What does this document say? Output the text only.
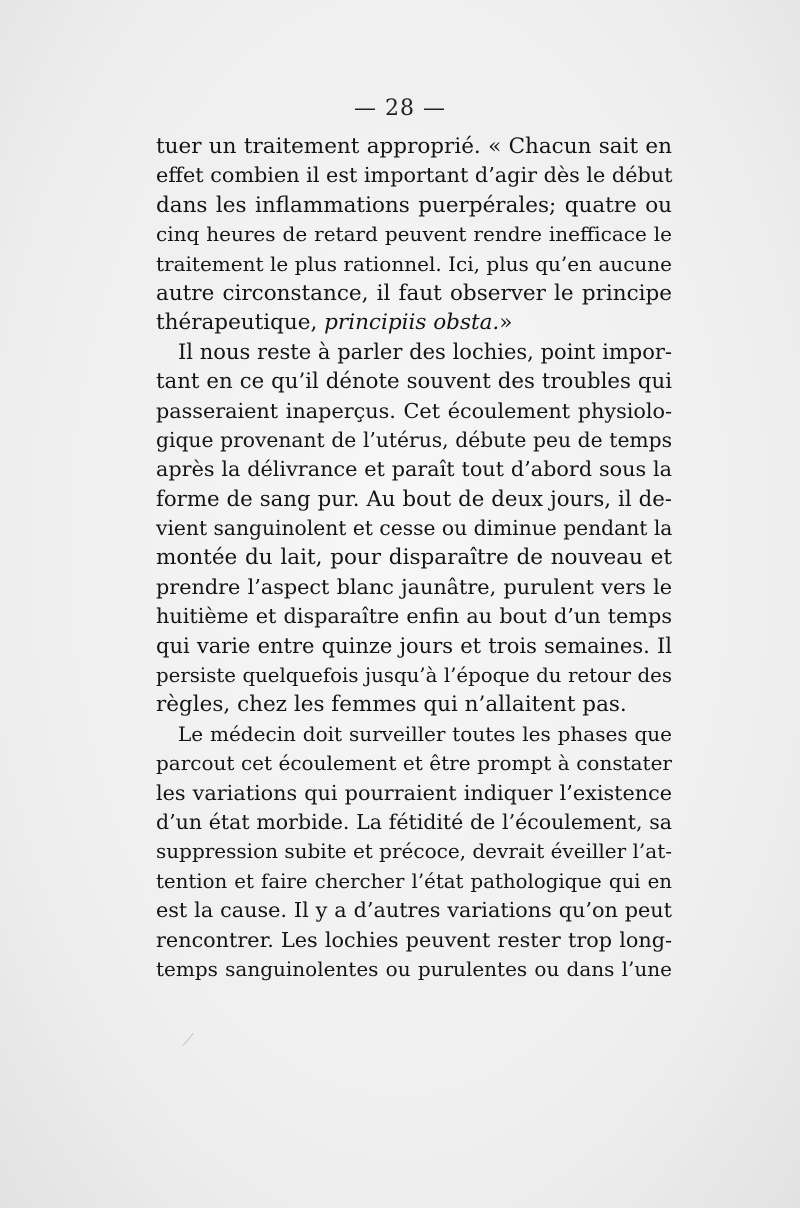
— 28 —
tuer un traitement approprié. « Chacun sait en
effet combien il est important d’agir dès le début
dans les inflammations puerpérales; quatre ou
cinq heures de retard peuvent rendre inefficace le
traitement le plus rationnel. Ici, plus qu’en aucune
autre circonstance, il faut observer le principe
thérapeutique, principiis obsta.»
Il nous reste à parler des lochies, point impor-
tant en ce qu’il dénote souvent des troubles qui
passeraient inaperçus. Cet écoulement physiolo-
gique provenant de l’utérus, débute peu de temps
après la délivrance et paraît tout d’abord sous la
forme de sang pur. Au bout de deux jours, il de-
vient sanguinolent et cesse ou diminue pendant la
montée du lait, pour disparaître de nouveau et
prendre l’aspect blanc jaunâtre, purulent vers le
huitième et disparaître enfin au bout d’un temps
qui varie entre quinze jours et trois semaines. Il
persiste quelquefois jusqu’à l’époque du retour des
règles, chez les femmes qui n’allaitent pas.
Le médecin doit surveiller toutes les phases que
parcout cet écoulement et être prompt à constater
les variations qui pourraient indiquer l’existence
d’un état morbide. La fétidité de l’écoulement, sa
suppression subite et précoce, devrait éveiller l’at-
tention et faire chercher l’état pathologique qui en
est la cause. Il y a d’autres variations qu’on peut
rencontrer. Les lochies peuvent rester trop long-
temps sanguinolentes ou purulentes ou dans l’une
